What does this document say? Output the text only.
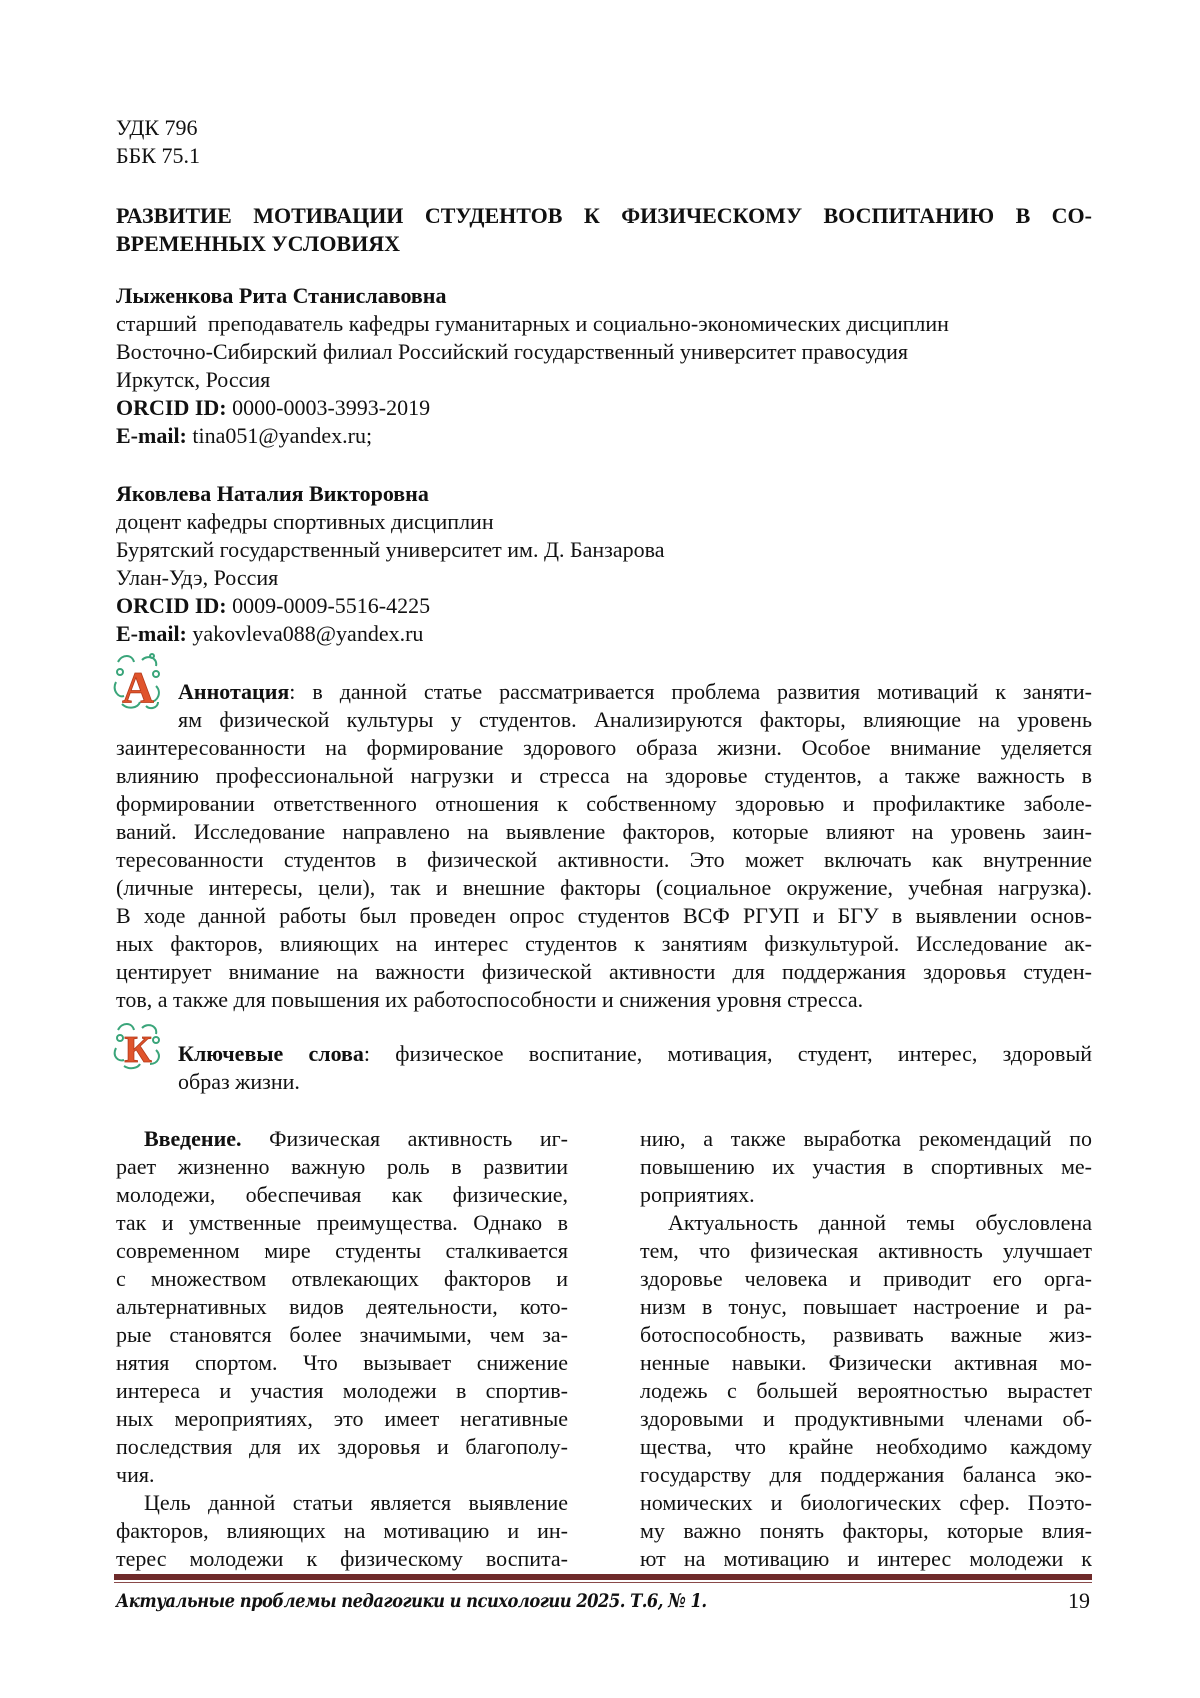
УДК 796
ББК 75.1
РАЗВИТИЕ МОТИВАЦИИ СТУДЕНТОВ К ФИЗИЧЕСКОМУ ВОСПИТАНИЮ В СО-
ВРЕМЕННЫХ УСЛОВИЯХ
Лыженкова Рита Станиславовна
старший  преподаватель кафедры гуманитарных и социально-экономических дисциплин
Восточно-Сибирский филиал Российский государственный университет правосудия
Иркутск, Россия
ORCID ID: 0000-0003-3993-2019
E-mail: tina051@yandex.ru;
Яковлева Наталия Викторовна
доцент кафедры спортивных дисциплин
Бурятский государственный университет им. Д. Банзарова
Улан-Удэ, Россия
ORCID ID: 0009-0009-5516-4225
E-mail: yakovleva088@yandex.ru
А
К
Аннотация: в данной статье рассматривается проблема развития мотиваций к заняти-
ям физической культуры у студентов. Анализируются факторы, влияющие на уровень
заинтересованности на формирование здорового образа жизни. Особое внимание уделяется
влиянию профессиональной нагрузки и стресса на здоровье студентов, а также важность в
формировании ответственного отношения к собственному здоровью и профилактике заболе-
ваний. Исследование направлено на выявление факторов, которые влияют на уровень заин-
тересованности студентов в физической активности. Это может включать как внутренние
(личные интересы, цели), так и внешние факторы (социальное окружение, учебная нагрузка).
В ходе данной работы был проведен опрос студентов ВСФ РГУП и БГУ в выявлении основ-
ных факторов, влияющих на интерес студентов к занятиям физкультурой. Исследование ак-
центирует внимание на важности физической активности для поддержания здоровья студен-
тов, а также для повышения их работоспособности и снижения уровня стресса.
Ключевые слова: физическое воспитание, мотивация, студент, интерес, здоровый
образ жизни.
Введение. Физическая активность иг-
рает жизненно важную роль в развитии
молодежи, обеспечивая как физические,
так и умственные преимущества. Однако в
современном мире студенты сталкивается
с множеством отвлекающих факторов и
альтернативных видов деятельности, кото-
рые становятся более значимыми, чем за-
нятия спортом. Что вызывает снижение
интереса и участия молодежи в спортив-
ных мероприятиях, это имеет негативные
последствия для их здоровья и благополу-
чия.
Цель данной статьи является выявление
факторов, влияющих на мотивацию и ин-
терес молодежи к физическому воспита-
нию, а также выработка рекомендаций по
повышению их участия в спортивных ме-
роприятиях.
Актуальность данной темы обусловлена
тем, что физическая активность улучшает
здоровье человека и приводит его орга-
низм в тонус, повышает настроение и ра-
ботоспособность, развивать важные жиз-
ненные навыки. Физически активная мо-
лодежь с большей вероятностью вырастет
здоровыми и продуктивными членами об-
щества, что крайне необходимо каждому
государству для поддержания баланса эко-
номических и биологических сфер. Поэто-
му важно понять факторы, которые влия-
ют на мотивацию и интерес молодежи к
Актуальные проблемы педагогики и психологии 2025. Т.6, № 1.	19
